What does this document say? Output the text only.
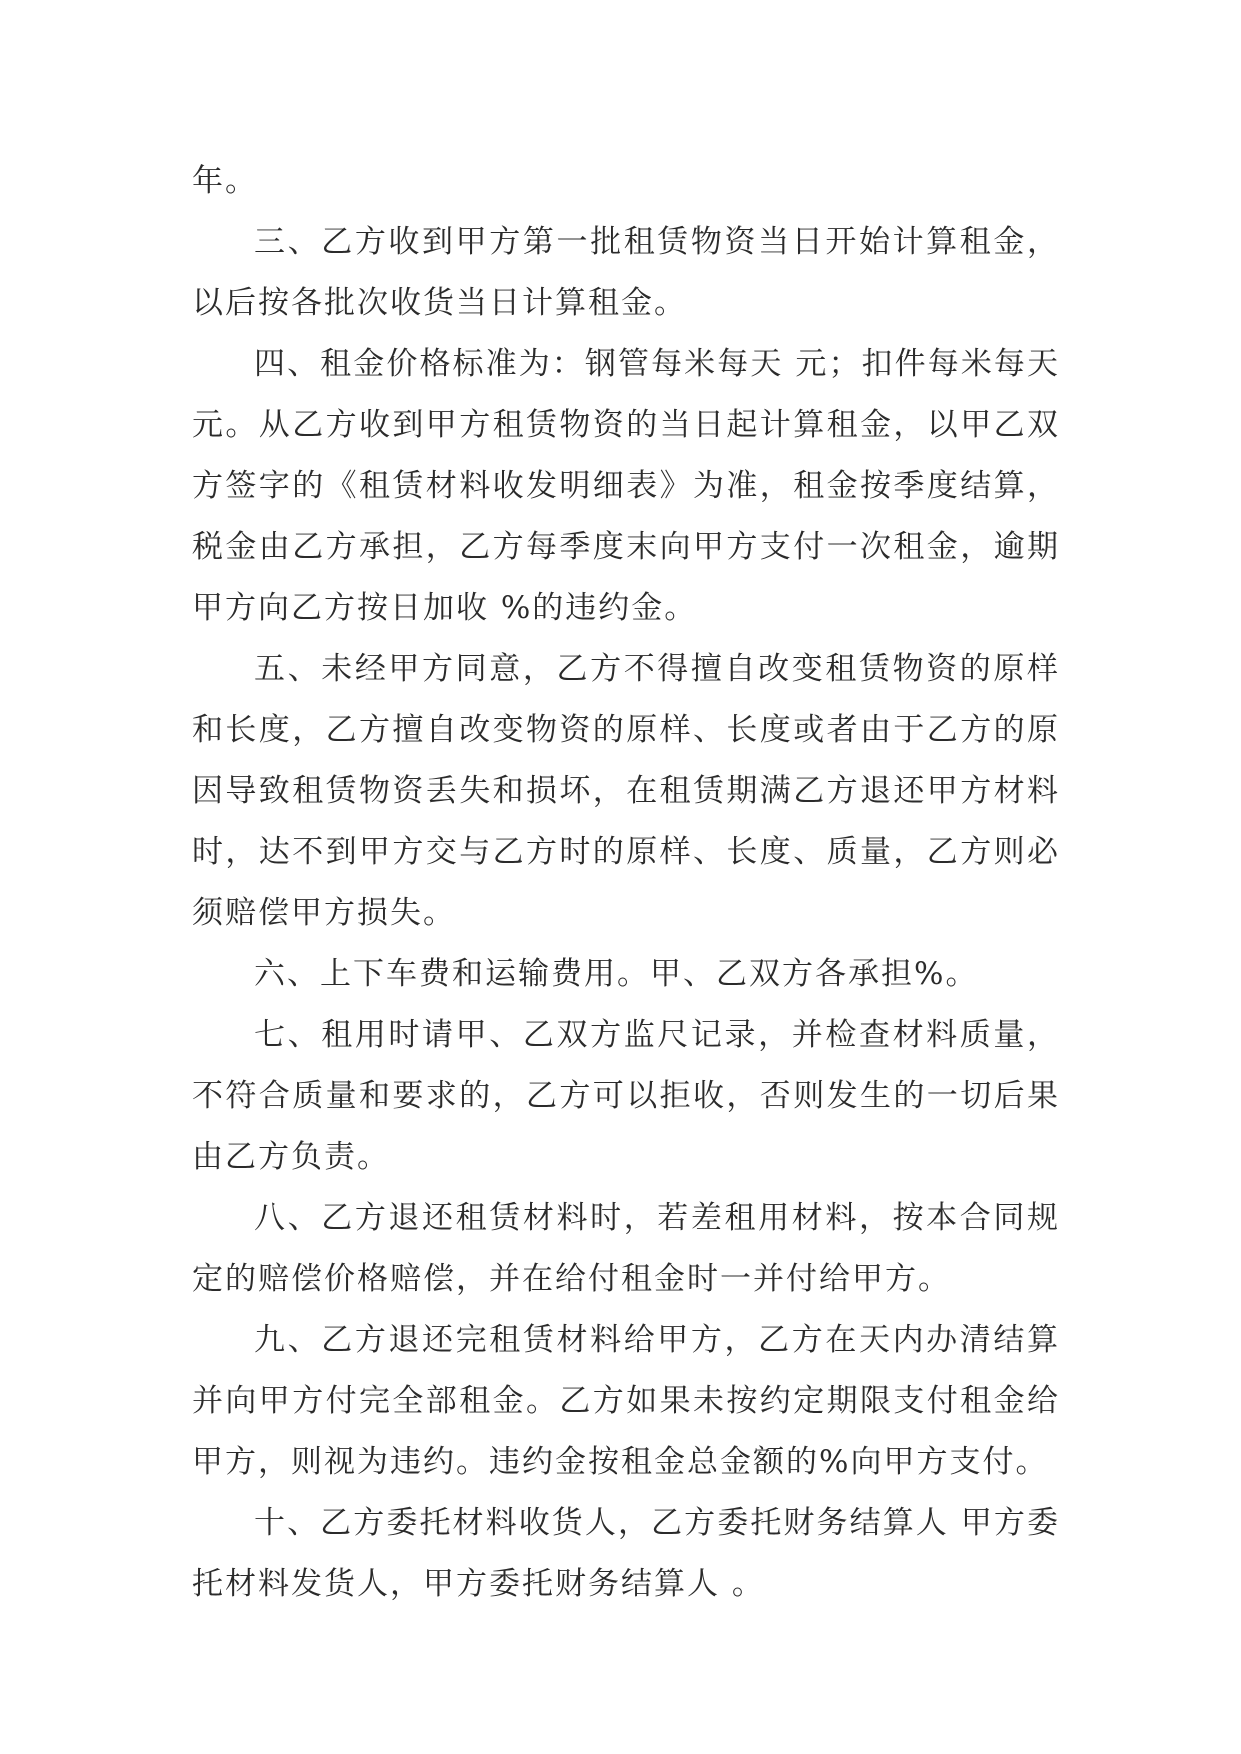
年。

三、乙方收到甲方第一批租赁物资当日开始计算租金，以后按各批次收货当日计算租金。

四、租金价格标准为：钢管每米每天 元；扣件每米每天 元。从乙方收到甲方租赁物资的当日起计算租金，以甲乙双方签字的《租赁材料收发明细表》为准，租金按季度结算，税金由乙方承担，乙方每季度末向甲方支付一次租金，逾期甲方向乙方按日加收 %的违约金。

五、未经甲方同意，乙方不得擅自改变租赁物资的原样和长度，乙方擅自改变物资的原样、长度或者由于乙方的原因导致租赁物资丢失和损坏，在租赁期满乙方退还甲方材料时，达不到甲方交与乙方时的原样、长度、质量，乙方则必须赔偿甲方损失。

六、上下车费和运输费用。甲、乙双方各承担%。

七、租用时请甲、乙双方监尺记录，并检查材料质量，不符合质量和要求的，乙方可以拒收，否则发生的一切后果由乙方负责。

八、乙方退还租赁材料时，若差租用材料，按本合同规定的赔偿价格赔偿，并在给付租金时一并付给甲方。

九、乙方退还完租赁材料给甲方，乙方在天内办清结算并向甲方付完全部租金。乙方如果未按约定期限支付租金给甲方，则视为违约。违约金按租金总金额的%向甲方支付。

十、乙方委托材料收货人，乙方委托财务结算人 甲方委托材料发货人，甲方委托财务结算人 。
